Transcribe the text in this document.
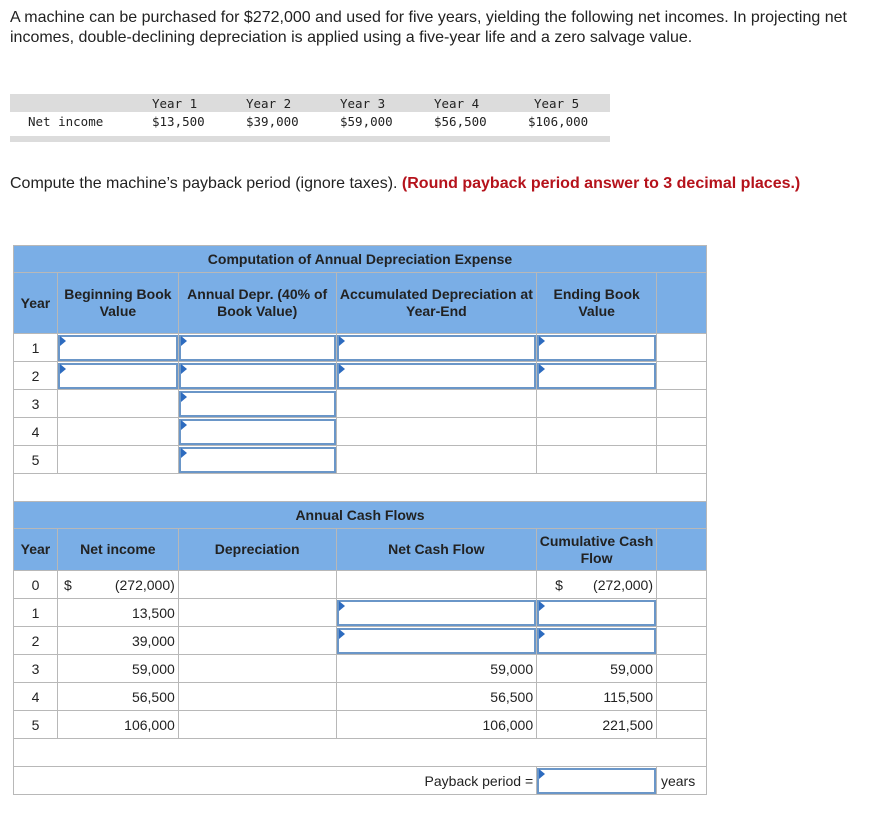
A machine can be purchased for $272,000 and used for five years, yielding the following net incomes. In projecting net incomes, double-declining depreciation is applied using a five-year life and a zero salvage value.
Year 1	Year 2	Year 3	Year 4	Year 5
Net income	$13,500	$39,000	$59,000	$56,500	$106,000
Compute the machine’s payback period (ignore taxes). (Round payback period answer to 3 decimal places.)
Computation of Annual Depreciation Expense					
Year	Beginning Book Value	Annual Depr. (40% of Book Value)	Accumulated Depreciation at Year-End	Ending Book Value	
1	

2	

3		

4		

5		

Annual Cash Flows					
Year	Net income	Depreciation	Net Cash Flow	Cumulative Cash Flow	
0	$ (272,000)			$ (272,000)	
1	13,500		

2	39,000		

3	59,000		59,000	59,000	
4	56,500		56,500	115,500	
5	106,000		106,000	221,500	

Payback period =					years
